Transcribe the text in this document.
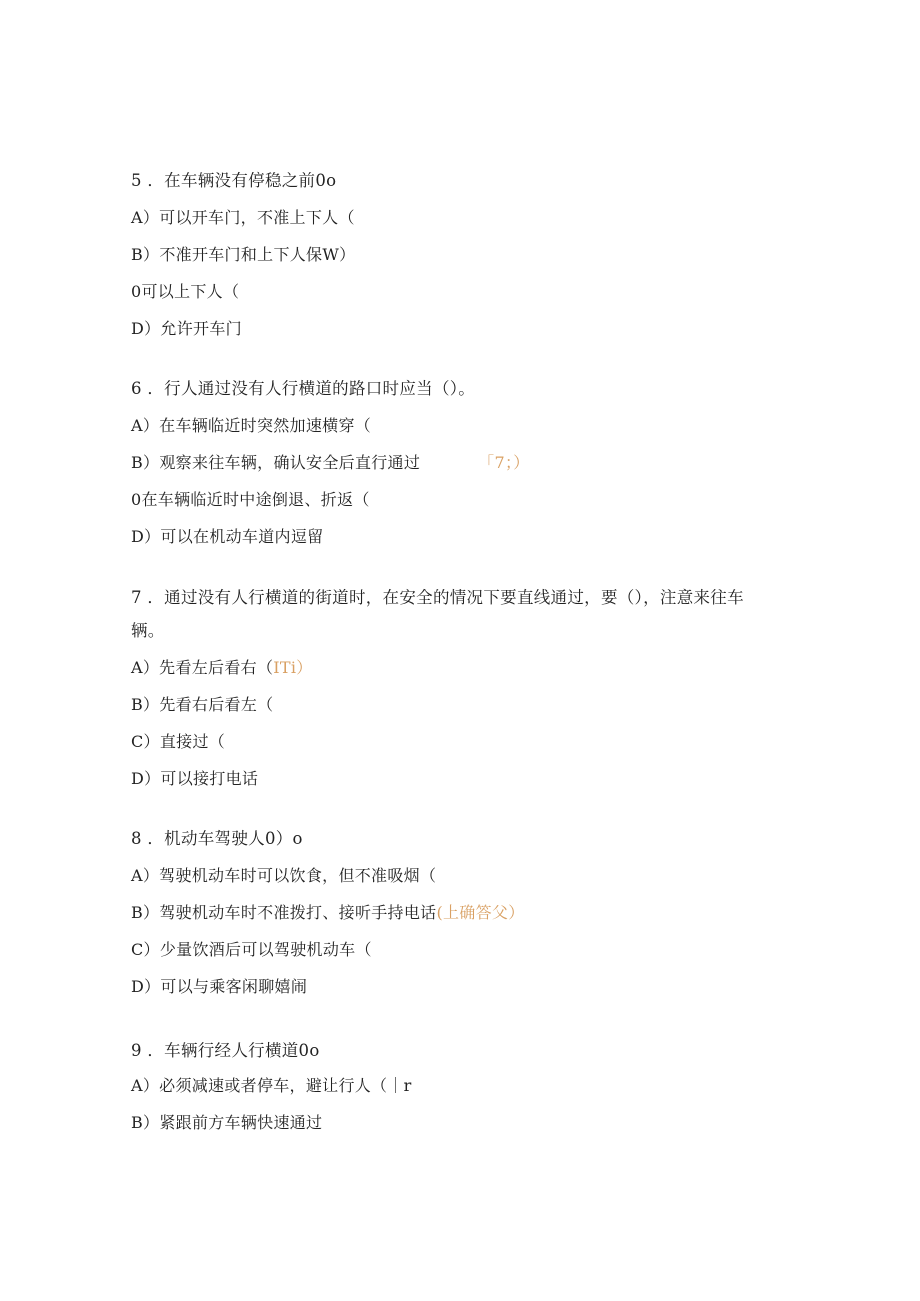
5 ．在车辆没有停稳之前0o
A）可以开车门，不准上下人（
B）不准开车门和上下人保W）
0可以上下人（
D）允许开车门
6 ．行人通过没有人行横道的路口时应当（）。
A）在车辆临近时突然加速横穿（
B）观察来往车辆，确认安全后直行通过	「7；）
0在车辆临近时中途倒退、折返（
D）可以在机动车道内逗留
7 ．通过没有人行横道的街道时，在安全的情况下要直线通过，要（），注意来往车
辆。
A）先看左后看右（ITi）
B）先看右后看左（
C）直接过（
D）可以接打电话
8 ．机动车驾驶人0）o
A）驾驶机动车时可以饮食，但不准吸烟（
B）驾驶机动车时不准拨打、接听手持电话(上确答父）
C）少量饮酒后可以驾驶机动车（
D）可以与乘客闲聊嬉闹
9 ．车辆行经人行横道0o
A）必须减速或者停车，避让行人（｜r
B）紧跟前方车辆快速通过
